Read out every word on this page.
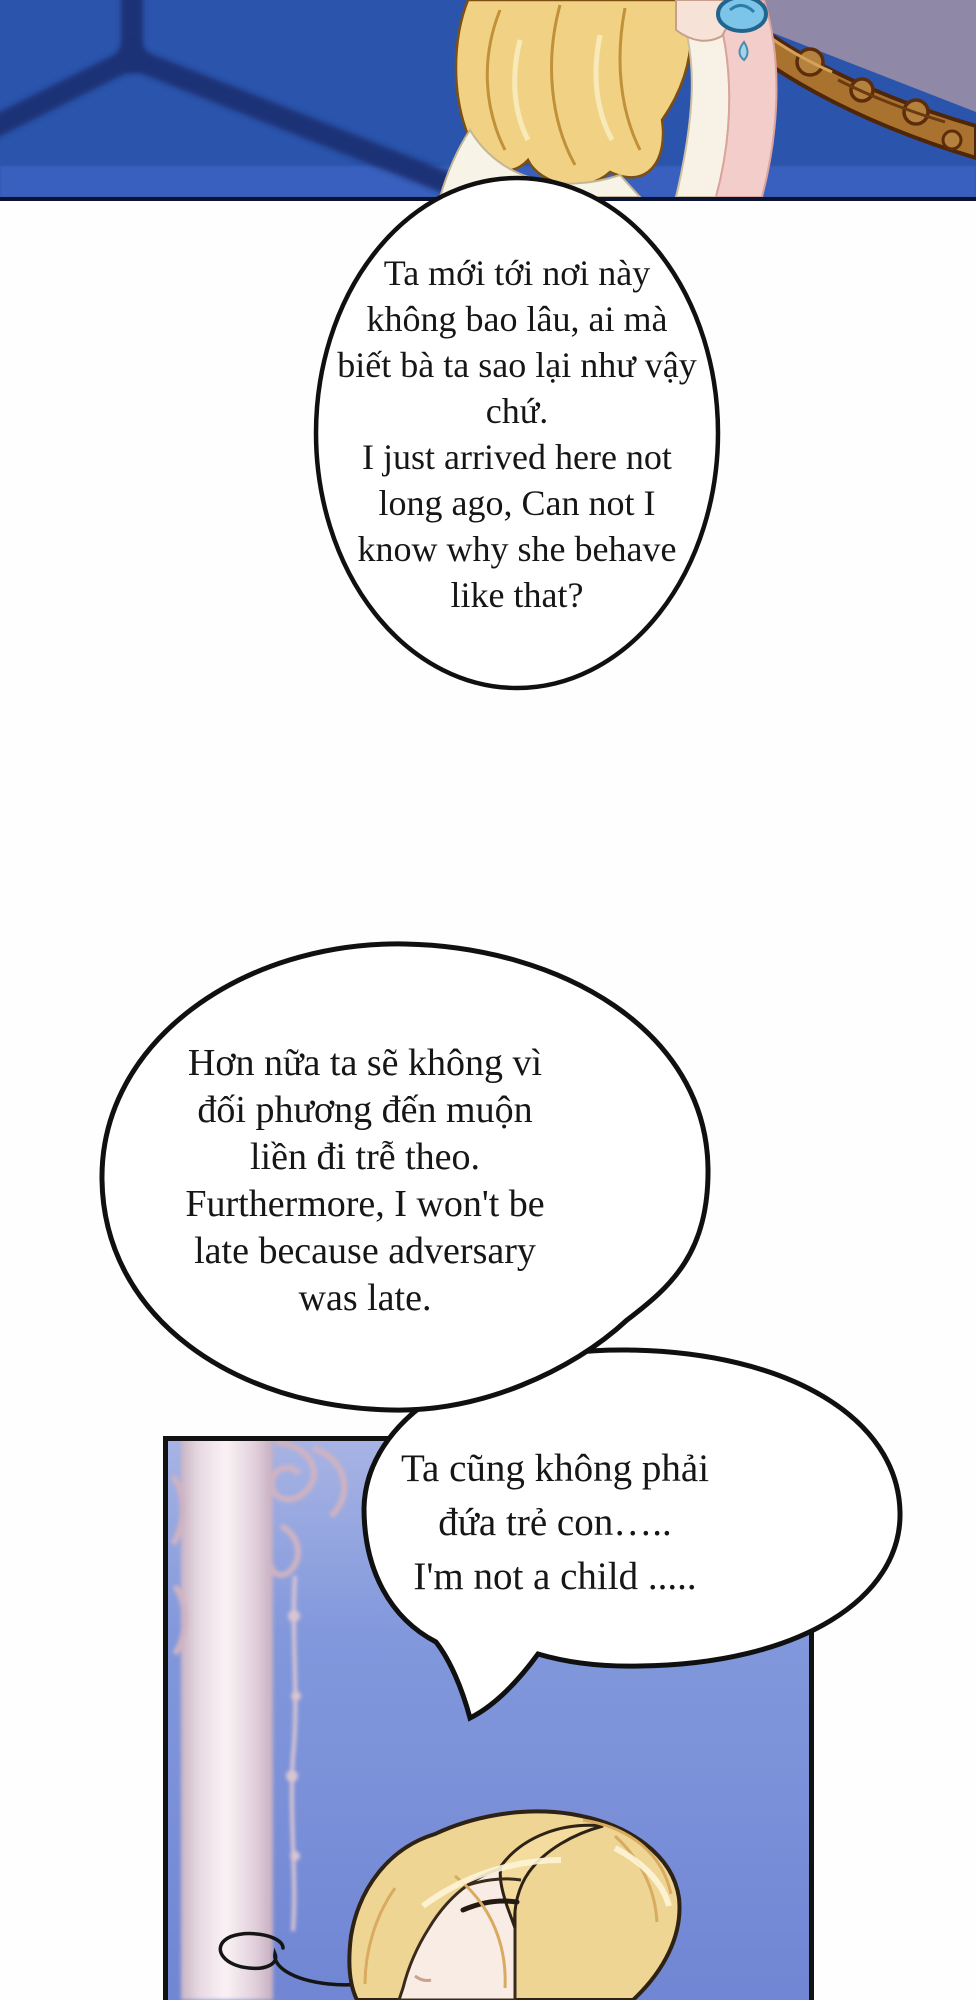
Ta mới tới nơi này
không bao lâu, ai mà
biết bà ta sao lại như vậy
chứ.
I just arrived here not
long ago, Can not I
know why she behave
like that?
Hơn nữa ta sẽ không vì
đối phương đến muộn
liền đi trễ theo.
Furthermore, I won't be
late because adversary
was late.
Ta cũng không phải
đứa trẻ con…..
I'm not a child .....
